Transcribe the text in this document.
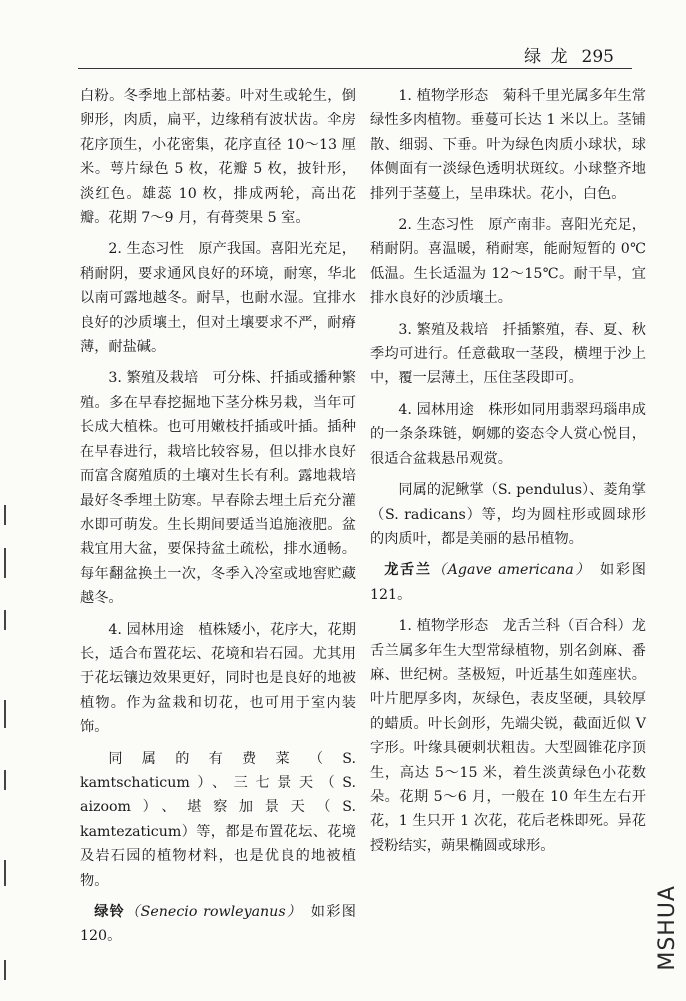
绿 龙 295

白粉。冬季地上部枯萎。叶对生或轮生，倒卵形，肉质，扁平，边缘稍有波状齿。伞房花序顶生，小花密集，花序直径 10～13 厘米。萼片绿色 5 枚，花瓣 5 枚，披针形，淡红色。雄蕊 10 枚，排成两轮，高出花瓣。花期 7～9 月，有蓇葖果 5 室。

2. 生态习性　原产我国。喜阳光充足，稍耐阴，要求通风良好的环境，耐寒，华北以南可露地越冬。耐旱，也耐水湿。宜排水良好的沙质壤土，但对土壤要求不严，耐瘠薄，耐盐碱。

3. 繁殖及栽培　可分株、扦插或播种繁殖。多在早春挖掘地下茎分株另栽，当年可长成大植株。也可用嫩枝扦插或叶插。插种在早春进行，栽培比较容易，但以排水良好而富含腐殖质的土壤对生长有利。露地栽培最好冬季埋土防寒。早春除去埋土后充分灌水即可萌发。生长期间要适当追施液肥。盆栽宜用大盆，要保持盆土疏松，排水通畅。每年翻盆换土一次，冬季入冷室或地窖贮藏越冬。

4. 园林用途　植株矮小，花序大，花期长，适合布置花坛、花境和岩石园。尤其用于花坛镶边效果更好，同时也是良好的地被植物。作为盆栽和切花，也可用于室内装饰。

同属的有费菜（S. kamtschaticum）、三七景天（S. aizoom）、堪察加景天（S. kamtezaticum）等，都是布置花坛、花境及岩石园的植物材料，也是优良的地被植物。

绿铃（Senecio rowleyanus）　如彩图 120。

1. 植物学形态　菊科千里光属多年生常绿性多肉植物。垂蔓可长达 1 米以上。茎铺散、细弱、下垂。叶为绿色肉质小球状，球体侧面有一淡绿色透明状斑纹。小球整齐地排列于茎蔓上，呈串珠状。花小，白色。

2. 生态习性　原产南非。喜阳光充足，稍耐阴。喜温暖，稍耐寒，能耐短暂的 0℃ 低温。生长适温为 12～15℃。耐干旱，宜排水良好的沙质壤土。

3. 繁殖及栽培　扦插繁殖，春、夏、秋季均可进行。任意截取一茎段，横埋于沙上中，覆一层薄土，压住茎段即可。

4. 园林用途　株形如同用翡翠玛瑙串成的一条条珠链，婀娜的姿态令人赏心悦目，很适合盆栽悬吊观赏。

同属的泥鳅掌（S. pendulus）、菱角掌（S. radicans）等，均为圆柱形或圆球形的肉质叶，都是美丽的悬吊植物。

龙舌兰（Agave americana）　如彩图 121。

1. 植物学形态　龙舌兰科（百合科）龙舌兰属多年生大型常绿植物，别名剑麻、番麻、世纪树。茎极短，叶近基生如莲座状。叶片肥厚多肉，灰绿色，表皮坚硬，具较厚的蜡质。叶长剑形，先端尖锐，截面近似 V 字形。叶缘具硬刺状粗齿。大型圆锥花序顶生，高达 5～15 米，着生淡黄绿色小花数朵。花期 5～6 月，一般在 10 年生左右开花，1 生只开 1 次花，花后老株即死。异花授粉结实，蒴果椭圆或球形。

MSHUA
